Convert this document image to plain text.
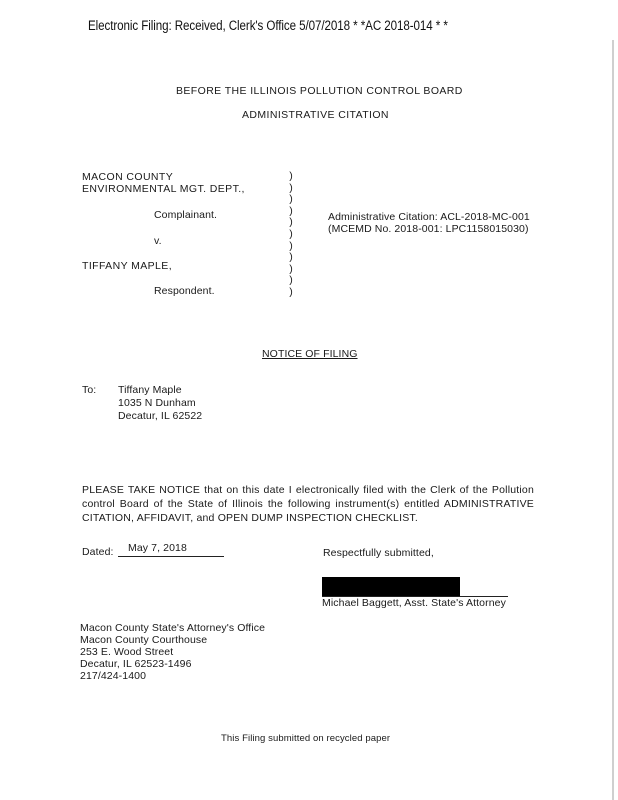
Electronic Filing: Received, Clerk's Office 5/07/2018 * *AC 2018-014 * *
BEFORE THE ILLINOIS POLLUTION CONTROL BOARD
ADMINISTRATIVE CITATION
MACON COUNTY
ENVIRONMENTAL MGT. DEPT.,
Complainant.
v.
TIFFANY MAPLE,
Respondent.
)
)
)
)
)
)
)
)
)
)
)
Administrative Citation: ACL-2018-MC-001
(MCEMD No. 2018-001: LPC1158015030)
NOTICE OF FILING
To: Tiffany Maple
1035 N Dunham
Decatur, IL 62522
PLEASE TAKE NOTICE that on this date I electronically filed with the Clerk of the Pollution control Board of the State of Illinois the following instrument(s) entitled ADMINISTRATIVE CITATION, AFFIDAVIT, and OPEN DUMP INSPECTION CHECKLIST.
Dated: May 7, 2018	Respectfully submitted,
Michael Baggett, Asst. State's Attorney
Macon County State's Attorney's Office
Macon County Courthouse
253 E. Wood Street
Decatur, IL 62523-1496
217/424-1400
This Filing submitted on recycled paper
